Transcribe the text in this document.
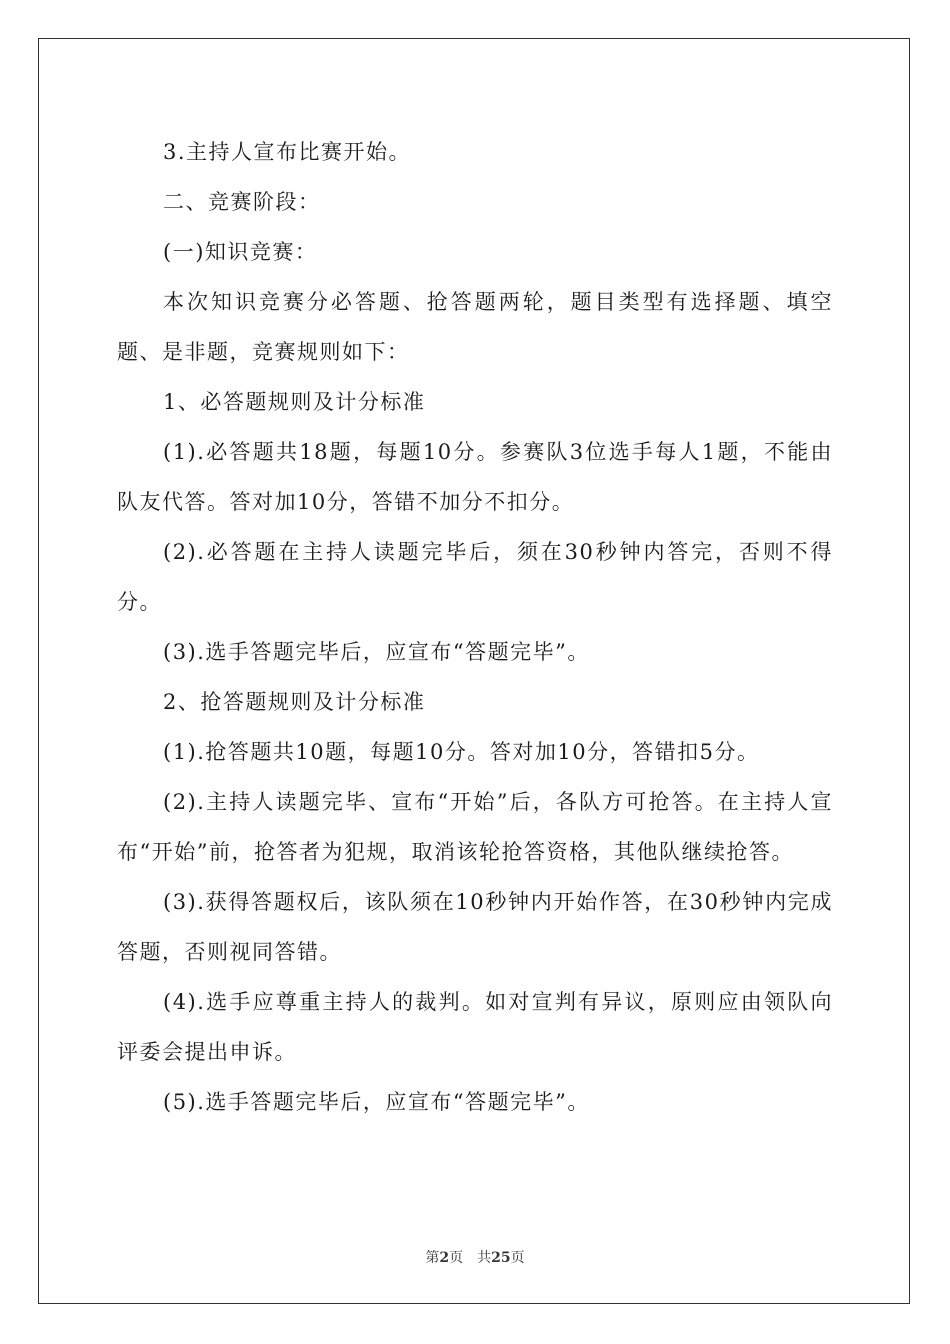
3.主持人宣布比赛开始。

二、竞赛阶段：

(一)知识竞赛：

本次知识竞赛分必答题、抢答题两轮，题目类型有选择题、填空题、是非题，竞赛规则如下：

1、必答题规则及计分标准

(1).必答题共18题，每题10分。参赛队3位选手每人1题，不能由队友代答。答对加10分，答错不加分不扣分。

(2).必答题在主持人读题完毕后，须在30秒钟内答完，否则不得分。

(3).选手答题完毕后，应宣布“答题完毕”。

2、抢答题规则及计分标准

(1).抢答题共10题，每题10分。答对加10分，答错扣5分。

(2).主持人读题完毕、宣布“开始”后，各队方可抢答。在主持人宣布“开始”前，抢答者为犯规，取消该轮抢答资格，其他队继续抢答。

(3).获得答题权后，该队须在10秒钟内开始作答，在30秒钟内完成答题，否则视同答错。

(4).选手应尊重主持人的裁判。如对宣判有异议，原则应由领队向评委会提出申诉。

(5).选手答题完毕后，应宣布“答题完毕”。

第2页 共25页
